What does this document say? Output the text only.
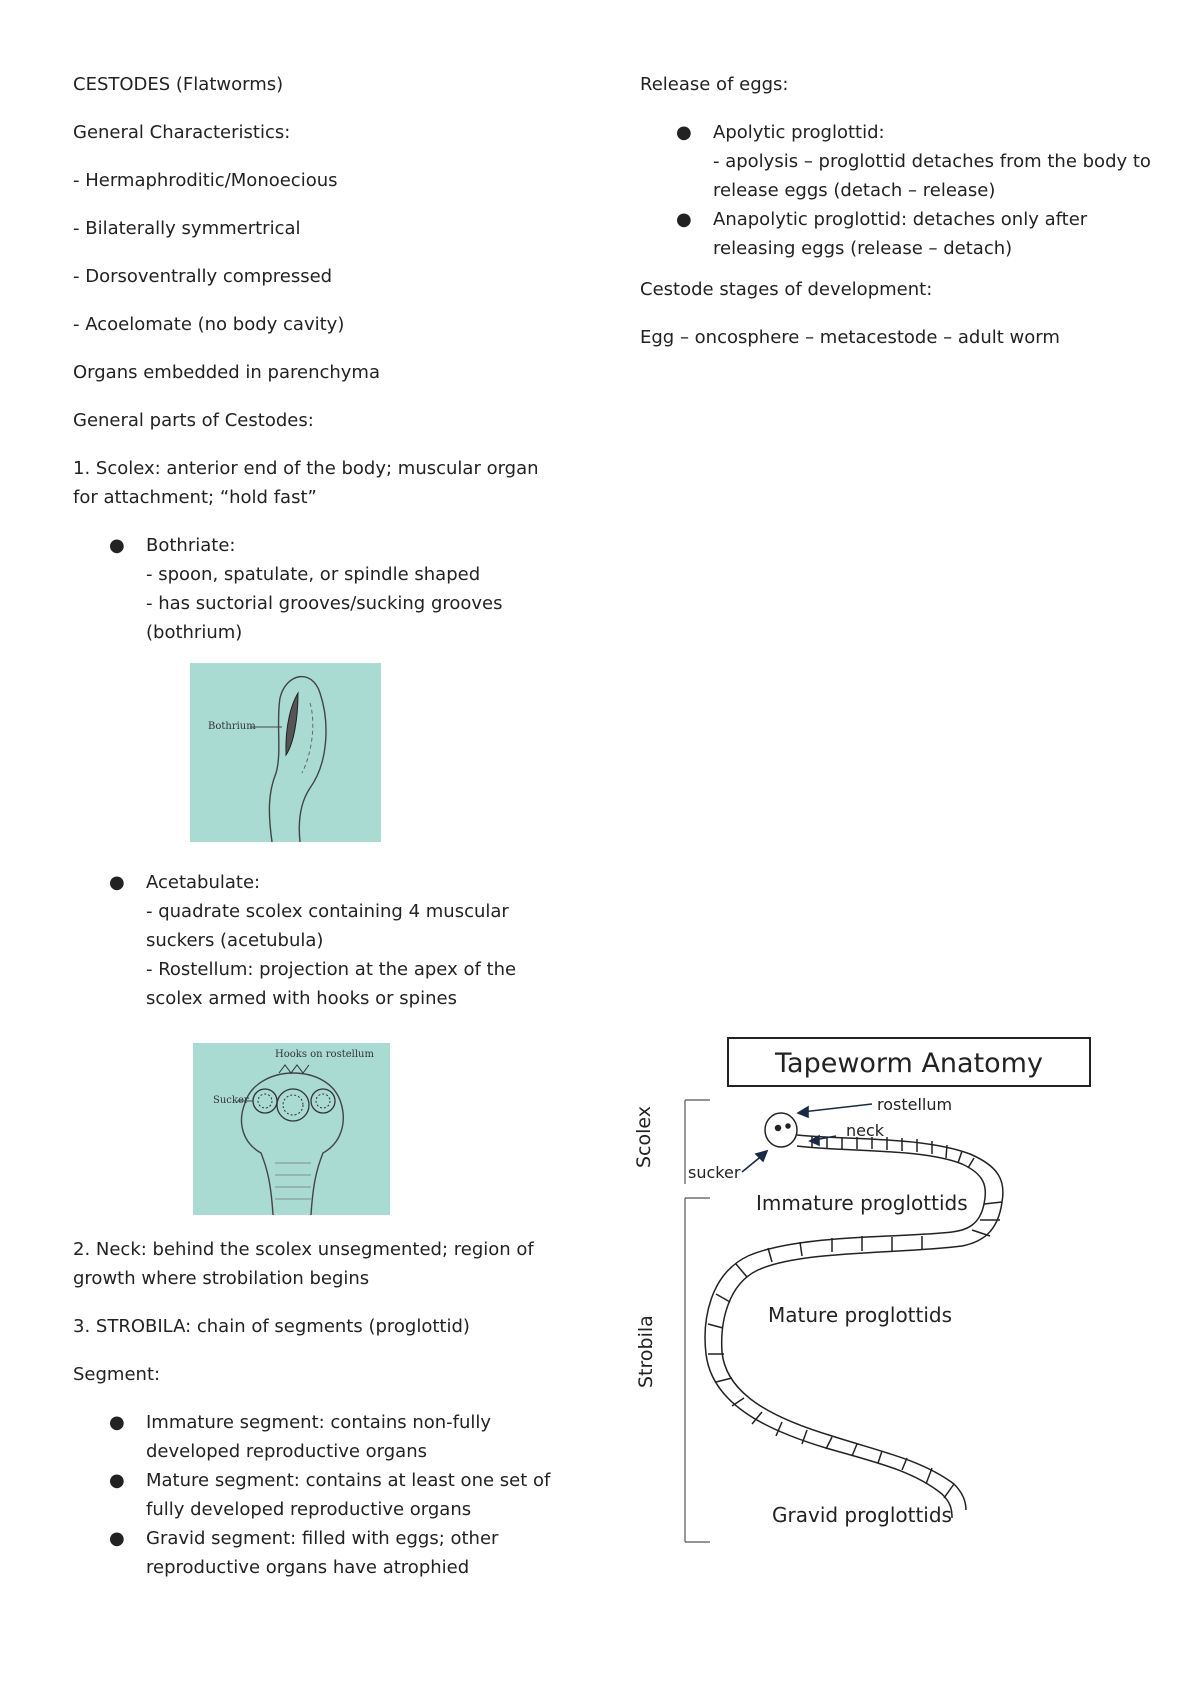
CESTODES (Flatworms)

General Characteristics:

- Hermaphroditic/Monoecious

- Bilaterally symmertrical

- Dorsoventrally compressed

- Acoelomate (no body cavity)

Organs embedded in parenchyma

General parts of Cestodes:

1. Scolex: anterior end of the body; muscular organ for attachment; “hold fast”

● Bothriate:
- spoon, spatulate, or spindle shaped
- has suctorial grooves/sucking grooves (bothrium)
Bothrium
● Acetabulate:
- quadrate scolex containing 4 muscular suckers (acetubula)
- Rostellum: projection at the apex of the scolex armed with hooks or spines
Hooks on rostellum
Sucker

2. Neck: behind the scolex unsegmented; region of growth where strobilation begins

3. STROBILA: chain of segments (proglottid)

Segment:

● Immature segment: contains non-fully developed reproductive organs
● Mature segment: contains at least one set of fully developed reproductive organs
● Gravid segment: filled with eggs; other reproductive organs have atrophied

Release of eggs:

● Apolytic proglottid:
- apolysis – proglottid detaches from the body to release eggs (detach – release)
● Anapolytic proglottid: detaches only after releasing eggs (release – detach)

Cestode stages of development:

Egg – oncosphere – metacestode – adult worm

Tapeworm Anatomy
Scolex
Strobila
rostellum
neck
sucker
Immature proglottids
Mature proglottids
Gravid proglottids
